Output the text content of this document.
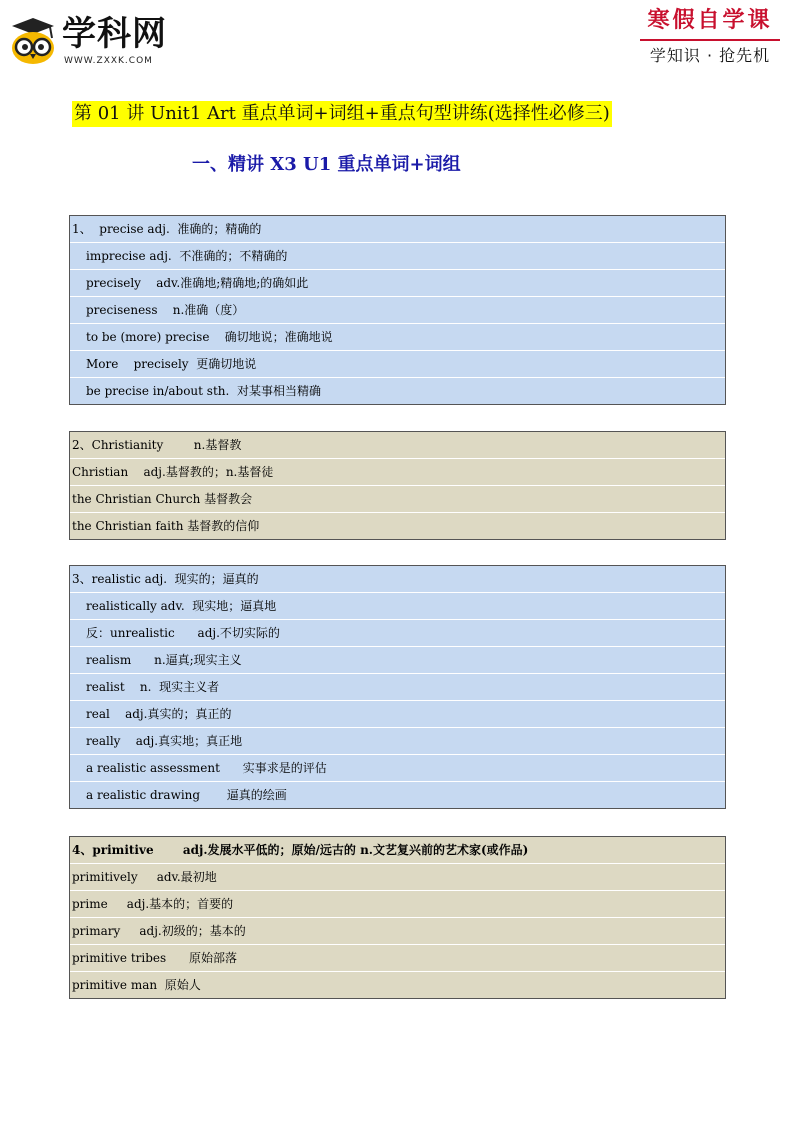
学科网
WWW.ZXXK.COM
寒假自学课
学知识 · 抢先机
第 01 讲 Unit1 Art 重点单词+词组+重点句型讲练(选择性必修三)
一、精讲 X3 U1 重点单词+词组
1、  precise adj.  准确的；精确的
imprecise adj.  不准确的；不精确的
precisely    adv.准确地;精确地;的确如此
preciseness    n.准确（度）
to be (more) precise    确切地说；准确地说
More    precisely  更确切地说
be precise in/about sth.  对某事相当精确
2、Christianity        n.基督教
Christian    adj.基督教的；n.基督徒
the Christian Church 基督教会
the Christian faith 基督教的信仰
3、realistic adj.  现实的；逼真的
realistically adv.  现实地；逼真地
反：unrealistic      adj.不切实际的
realism      n.逼真;现实主义
realist    n.  现实主义者
real    adj.真实的；真正的
really    adj.真实地；真正地
a realistic assessment      实事求是的评估
a realistic drawing       逼真的绘画
4、primitive       adj.发展水平低的；原始/远古的 n.文艺复兴前的艺术家(或作品)
primitively     adv.最初地
prime     adj.基本的；首要的
primary     adj.初级的；基本的
primitive tribes      原始部落
primitive man  原始人
